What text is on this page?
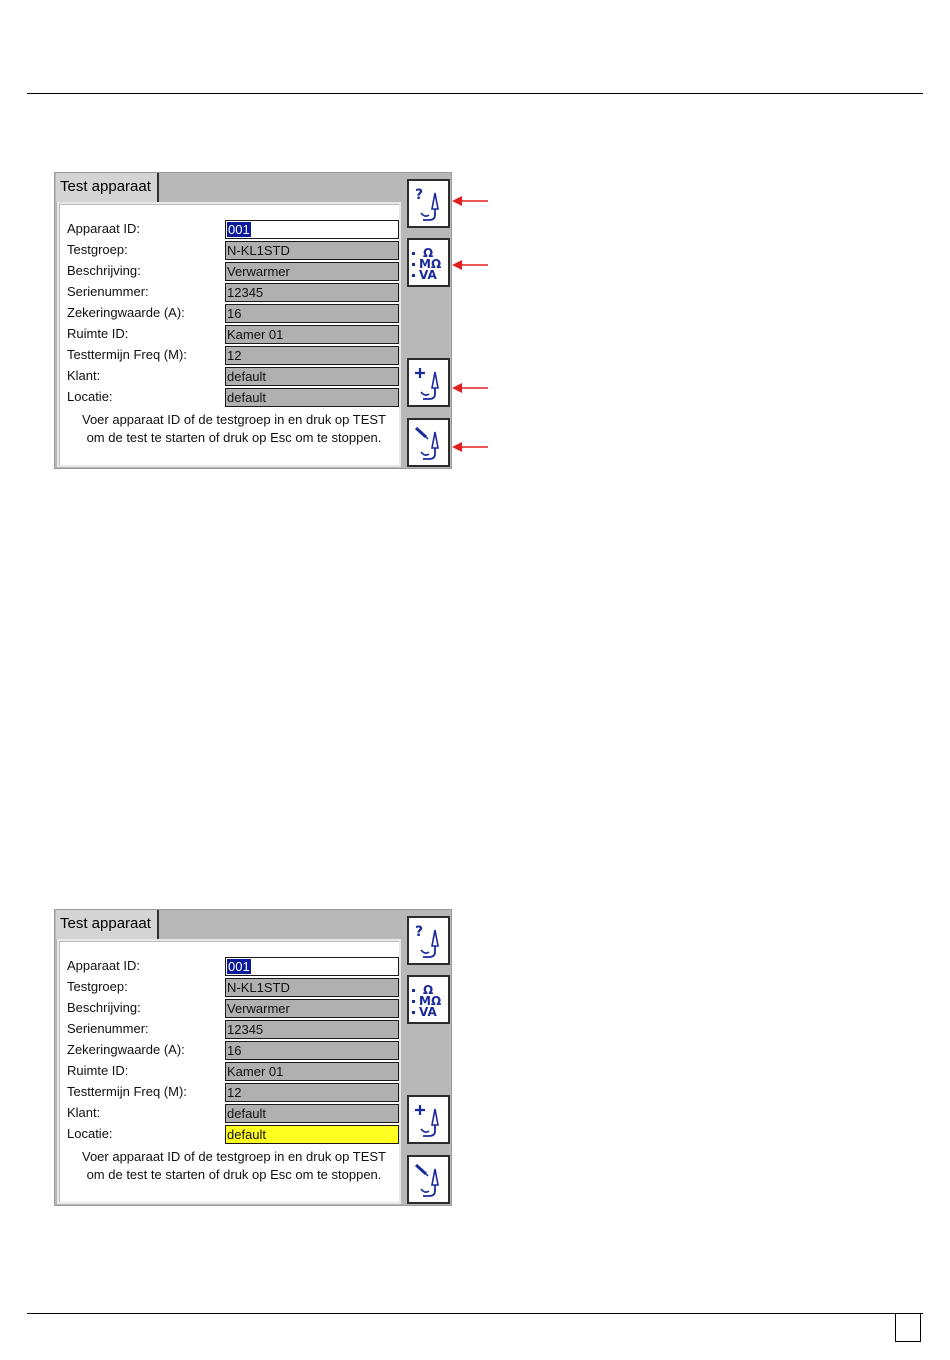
Test apparaat
Apparaat ID:	001
Testgroep:	N-KL1STD
Beschrijving:	Verwarmer
Serienummer:	12345
Zekeringwaarde (A):	16
Ruimte ID:	Kamer 01
Testtermijn Freq (M):	12
Klant:	default
Locatie:	default
Voer apparaat ID of de testgroep in en druk op TEST
om de test te starten of druk op Esc om te stoppen.
?
Ω
MΩ
VA
Test apparaat
Apparaat ID:	001
Testgroep:	N-KL1STD
Beschrijving:	Verwarmer
Serienummer:	12345
Zekeringwaarde (A):	16
Ruimte ID:	Kamer 01
Testtermijn Freq (M):	12
Klant:	default
Locatie:	default
Voer apparaat ID of de testgroep in en druk op TEST
om de test te starten of druk op Esc om te stoppen.
?
Ω
MΩ
VA
